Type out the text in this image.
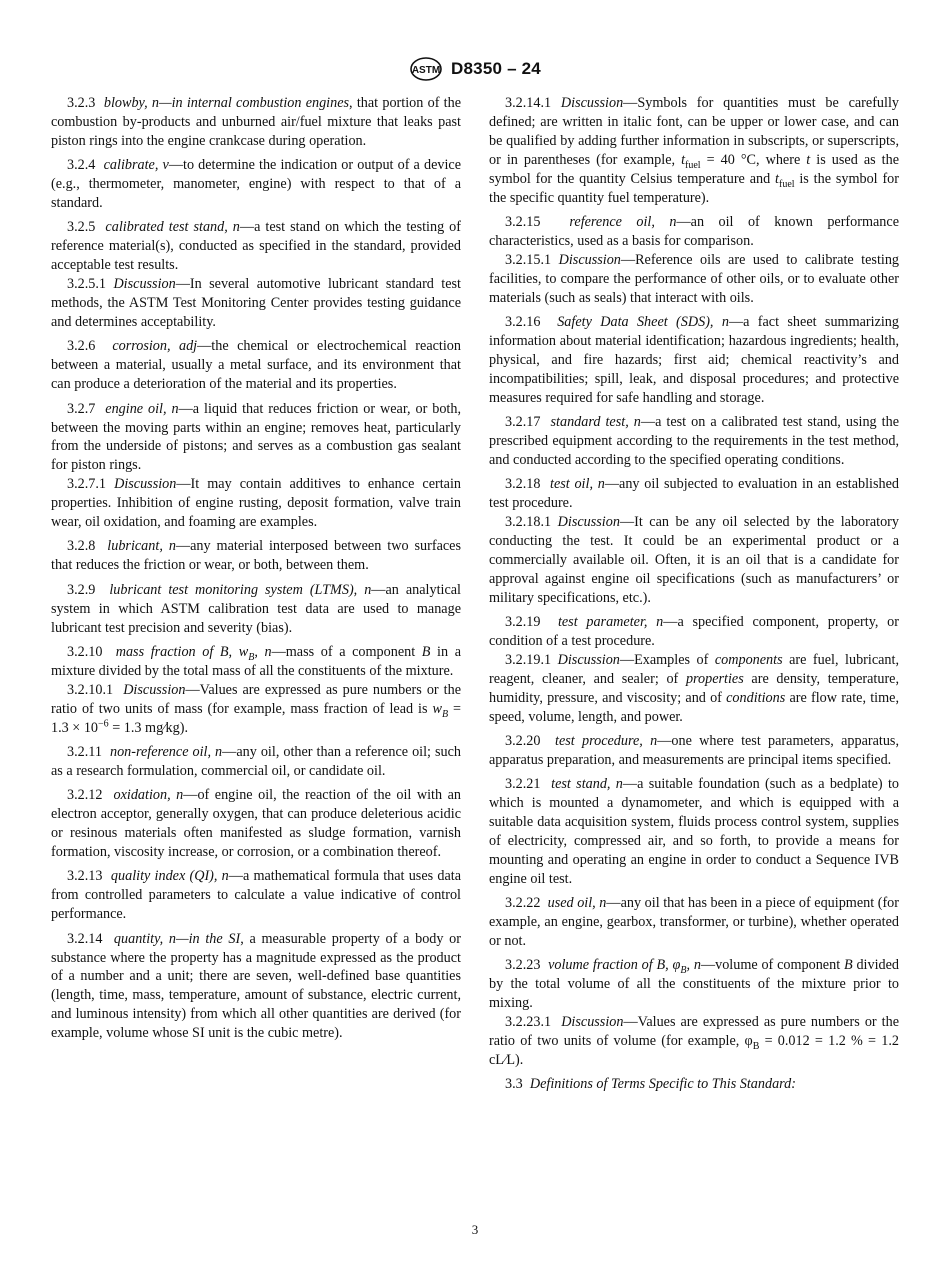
ASTM D8350 – 24

3.2.3 blowby, n—in internal combustion engines, that portion of the combustion by-products and unburned air/fuel mixture that leaks past piston rings into the engine crankcase during operation.

3.2.4 calibrate, v—to determine the indication or output of a device (e.g., thermometer, manometer, engine) with respect to that of a standard.

3.2.5 calibrated test stand, n—a test stand on which the testing of reference material(s), conducted as specified in the standard, provided acceptable test results.

3.2.5.1 Discussion—In several automotive lubricant standard test methods, the ASTM Test Monitoring Center provides testing guidance and determines acceptability.

3.2.6 corrosion, adj—the chemical or electrochemical reaction between a material, usually a metal surface, and its environment that can produce a deterioration of the material and its properties.

3.2.7 engine oil, n—a liquid that reduces friction or wear, or both, between the moving parts within an engine; removes heat, particularly from the underside of pistons; and serves as a combustion gas sealant for piston rings.

3.2.7.1 Discussion—It may contain additives to enhance certain properties. Inhibition of engine rusting, deposit formation, valve train wear, oil oxidation, and foaming are examples.

3.2.8 lubricant, n—any material interposed between two surfaces that reduces the friction or wear, or both, between them.

3.2.9 lubricant test monitoring system (LTMS), n—an analytical system in which ASTM calibration test data are used to manage lubricant test precision and severity (bias).

3.2.10 mass fraction of B, $w_B$, n—mass of a component B in a mixture divided by the total mass of all the constituents of the mixture.

3.2.10.1 Discussion—Values are expressed as pure numbers or the ratio of two units of mass (for example, mass fraction of lead is $w_B = 1.3 \times 10^{-6} = 1.3$ mg⁄kg).

3.2.11 non-reference oil, n—any oil, other than a reference oil; such as a research formulation, commercial oil, or candidate oil.

3.2.12 oxidation, n—of engine oil, the reaction of the oil with an electron acceptor, generally oxygen, that can produce deleterious acidic or resinous materials often manifested as sludge formation, varnish formation, viscosity increase, or corrosion, or a combination thereof.

3.2.13 quality index (QI), n—a mathematical formula that uses data from controlled parameters to calculate a value indicative of control performance.

3.2.14 quantity, n—in the SI, a measurable property of a body or substance where the property has a magnitude expressed as the product of a number and a unit; there are seven, well-defined base quantities (length, time, mass, temperature, amount of substance, electric current, and luminous intensity) from which all other quantities are derived (for example, volume whose SI unit is the cubic metre).

3.2.14.1 Discussion—Symbols for quantities must be carefully defined; are written in italic font, can be upper or lower case, and can be qualified by adding further information in subscripts, or superscripts, or in parentheses (for example, $t_{fuel} = 40$ °C, where t is used as the symbol for the quantity Celsius temperature and $t_{fuel}$ is the symbol for the specific quantity fuel temperature).

3.2.15 reference oil, n—an oil of known performance characteristics, used as a basis for comparison.

3.2.15.1 Discussion—Reference oils are used to calibrate testing facilities, to compare the performance of other oils, or to evaluate other materials (such as seals) that interact with oils.

3.2.16 Safety Data Sheet (SDS), n—a fact sheet summarizing information about material identification; hazardous ingredients; health, physical, and fire hazards; first aid; chemical reactivity’s and incompatibilities; spill, leak, and disposal procedures; and protective measures required for safe handling and storage.

3.2.17 standard test, n—a test on a calibrated test stand, using the prescribed equipment according to the requirements in the test method, and conducted according to the specified operating conditions.

3.2.18 test oil, n—any oil subjected to evaluation in an established test procedure.

3.2.18.1 Discussion—It can be any oil selected by the laboratory conducting the test. It could be an experimental product or a commercially available oil. Often, it is an oil that is a candidate for approval against engine oil specifications (such as manufacturers’ or military specifications, etc.).

3.2.19 test parameter, n—a specified component, property, or condition of a test procedure.

3.2.19.1 Discussion—Examples of components are fuel, lubricant, reagent, cleaner, and sealer; of properties are density, temperature, humidity, pressure, and viscosity; and of conditions are flow rate, time, speed, volume, length, and power.

3.2.20 test procedure, n—one where test parameters, apparatus, apparatus preparation, and measurements are principal items specified.

3.2.21 test stand, n—a suitable foundation (such as a bedplate) to which is mounted a dynamometer, and which is equipped with a suitable data acquisition system, fluids process control system, supplies of electricity, compressed air, and so forth, to provide a means for mounting and operating an engine in order to conduct a Sequence IVB engine oil test.

3.2.22 used oil, n—any oil that has been in a piece of equipment (for example, an engine, gearbox, transformer, or turbine), whether operated or not.

3.2.23 volume fraction of B, $\varphi_B$, n—volume of component B divided by the total volume of all the constituents of the mixture prior to mixing.

3.2.23.1 Discussion—Values are expressed as pure numbers or the ratio of two units of volume (for example, $\varphi_B = 0.012 = 1.2$ % = 1.2 cL⁄L).

3.3 Definitions of Terms Specific to This Standard:

3
